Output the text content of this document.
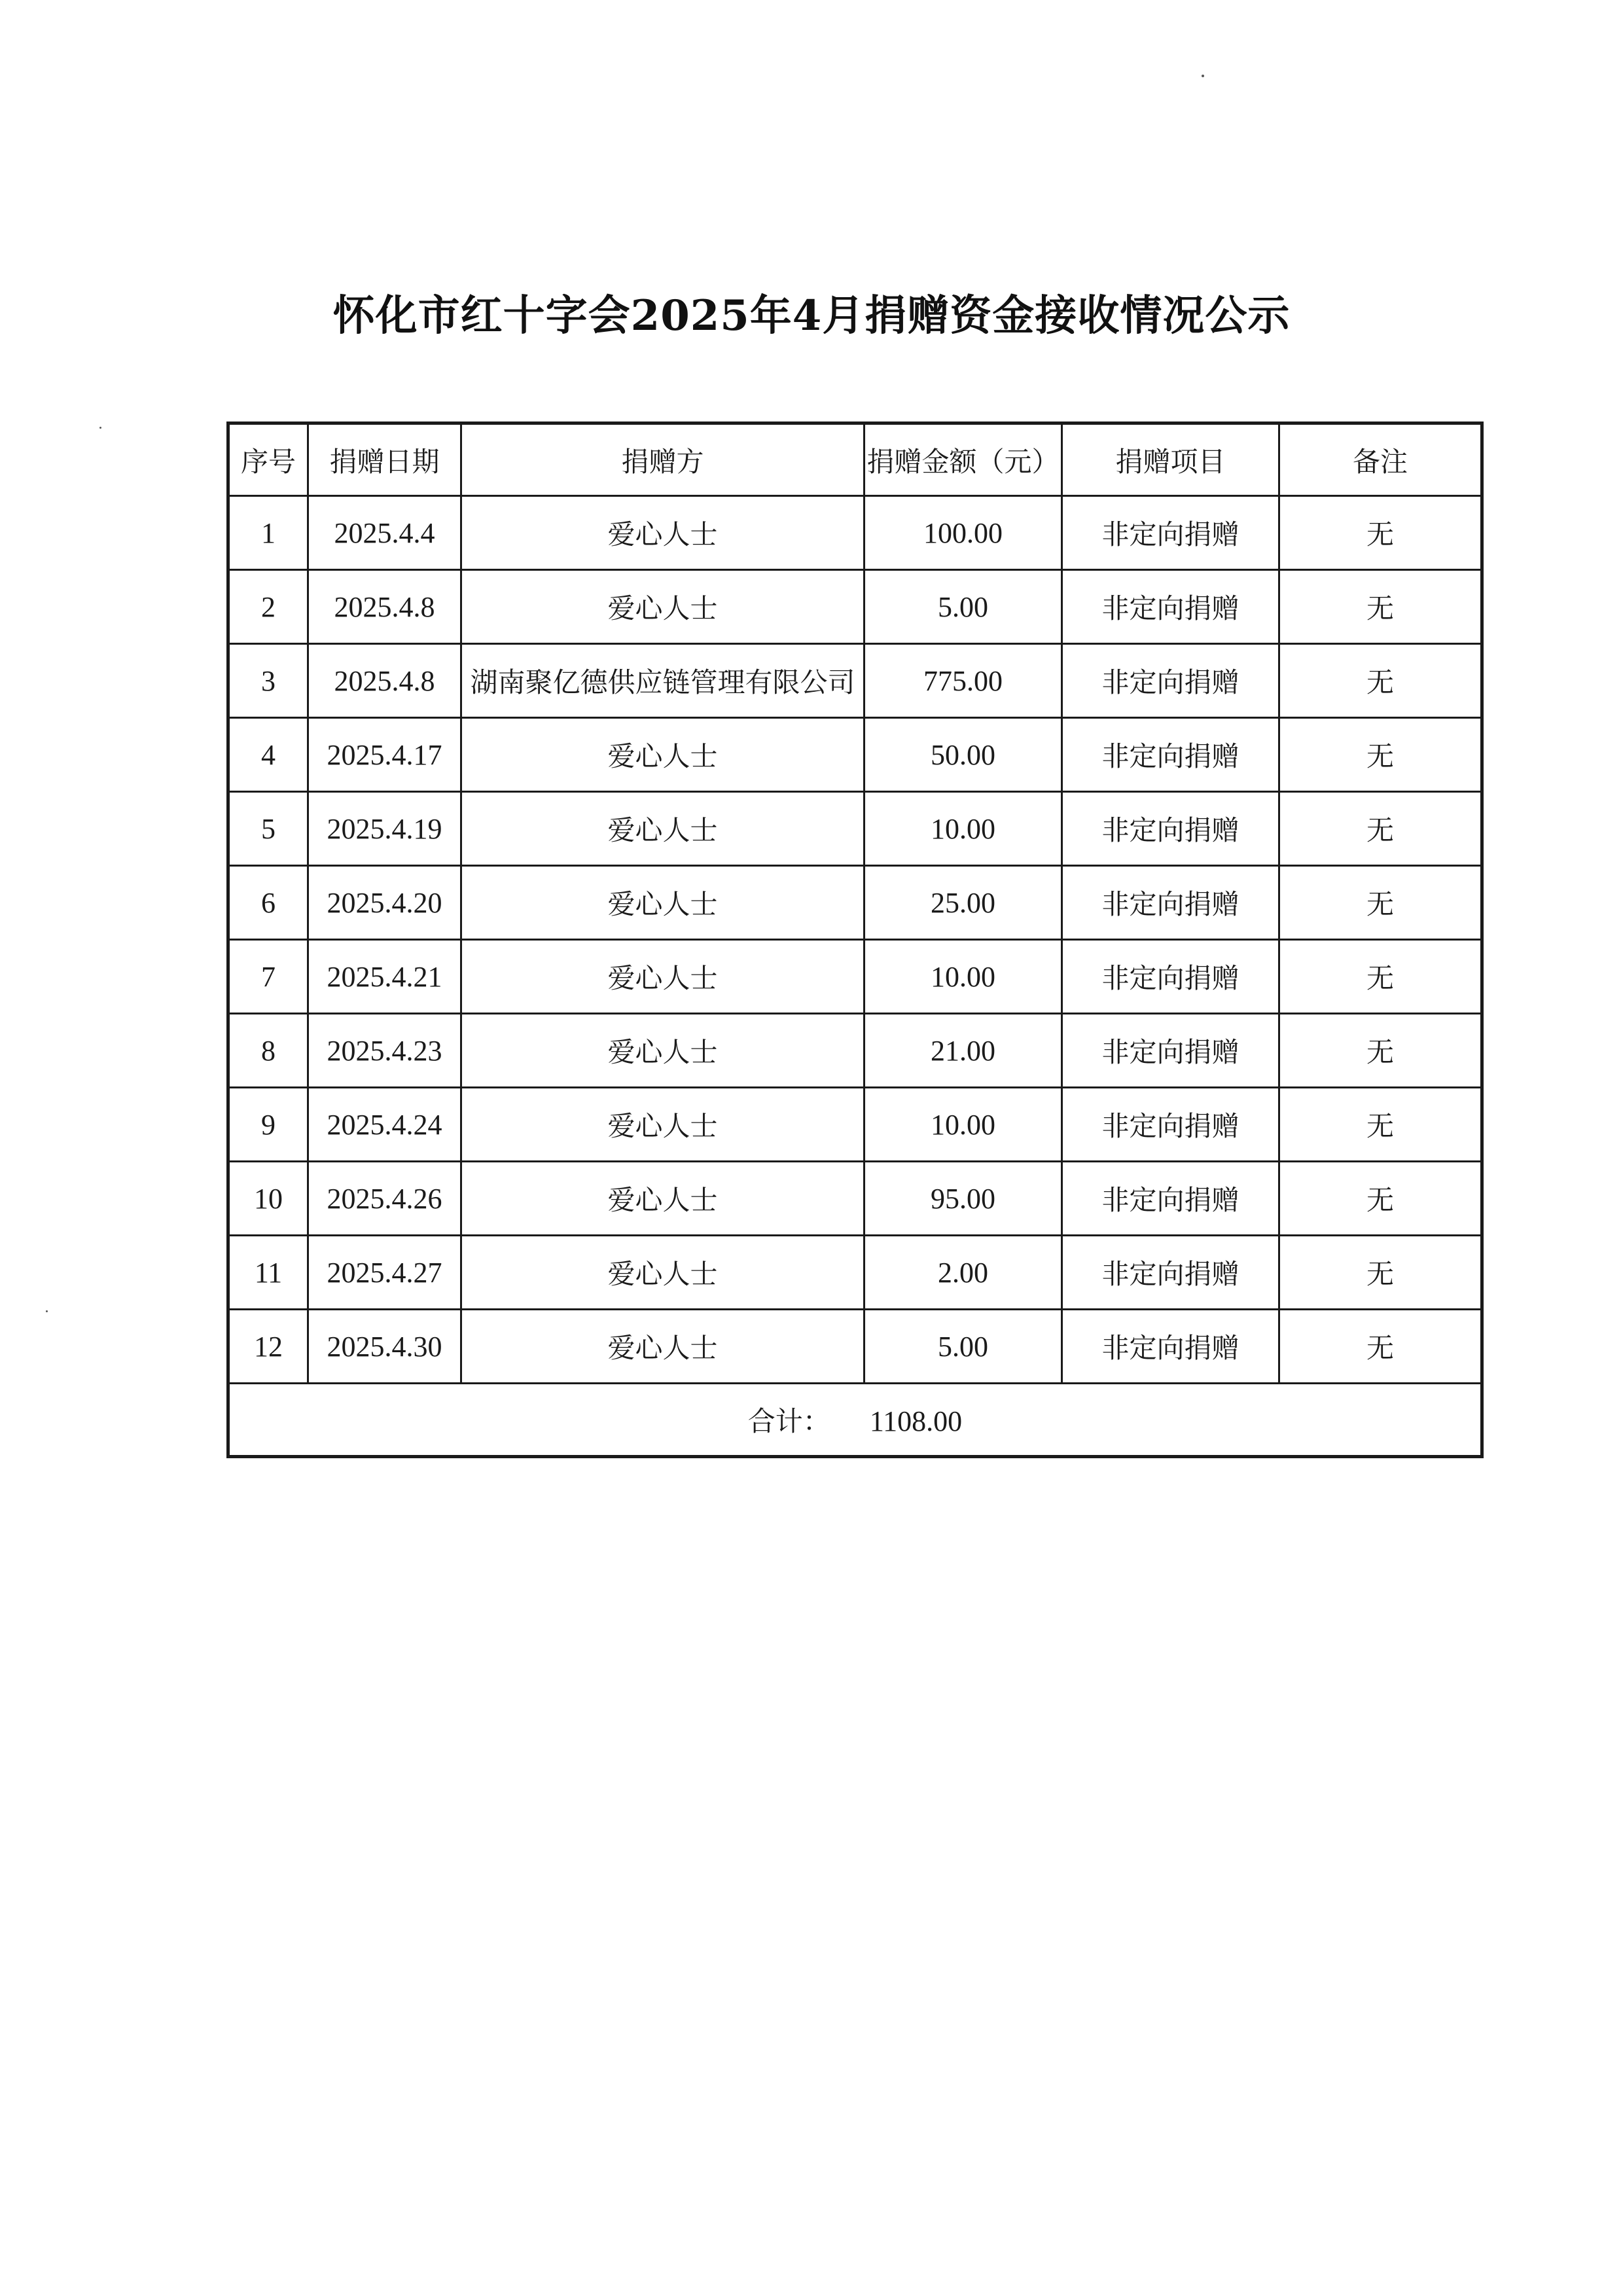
怀化市红十字会2025年4月捐赠资金接收情况公示
序号	捐赠日期	捐赠方	捐赠金额（元）	捐赠项目	备注
1	2025.4.4	爱心人士	100.00	非定向捐赠	无
2	2025.4.8	爱心人士	5.00	非定向捐赠	无
3	2025.4.8	湖南聚亿德供应链管理有限公司	775.00	非定向捐赠	无
4	2025.4.17	爱心人士	50.00	非定向捐赠	无
5	2025.4.19	爱心人士	10.00	非定向捐赠	无
6	2025.4.20	爱心人士	25.00	非定向捐赠	无
7	2025.4.21	爱心人士	10.00	非定向捐赠	无
8	2025.4.23	爱心人士	21.00	非定向捐赠	无
9	2025.4.24	爱心人士	10.00	非定向捐赠	无
10	2025.4.26	爱心人士	95.00	非定向捐赠	无
11	2025.4.27	爱心人士	2.00	非定向捐赠	无
12	2025.4.30	爱心人士	5.00	非定向捐赠	无
合计： 1108.00					
